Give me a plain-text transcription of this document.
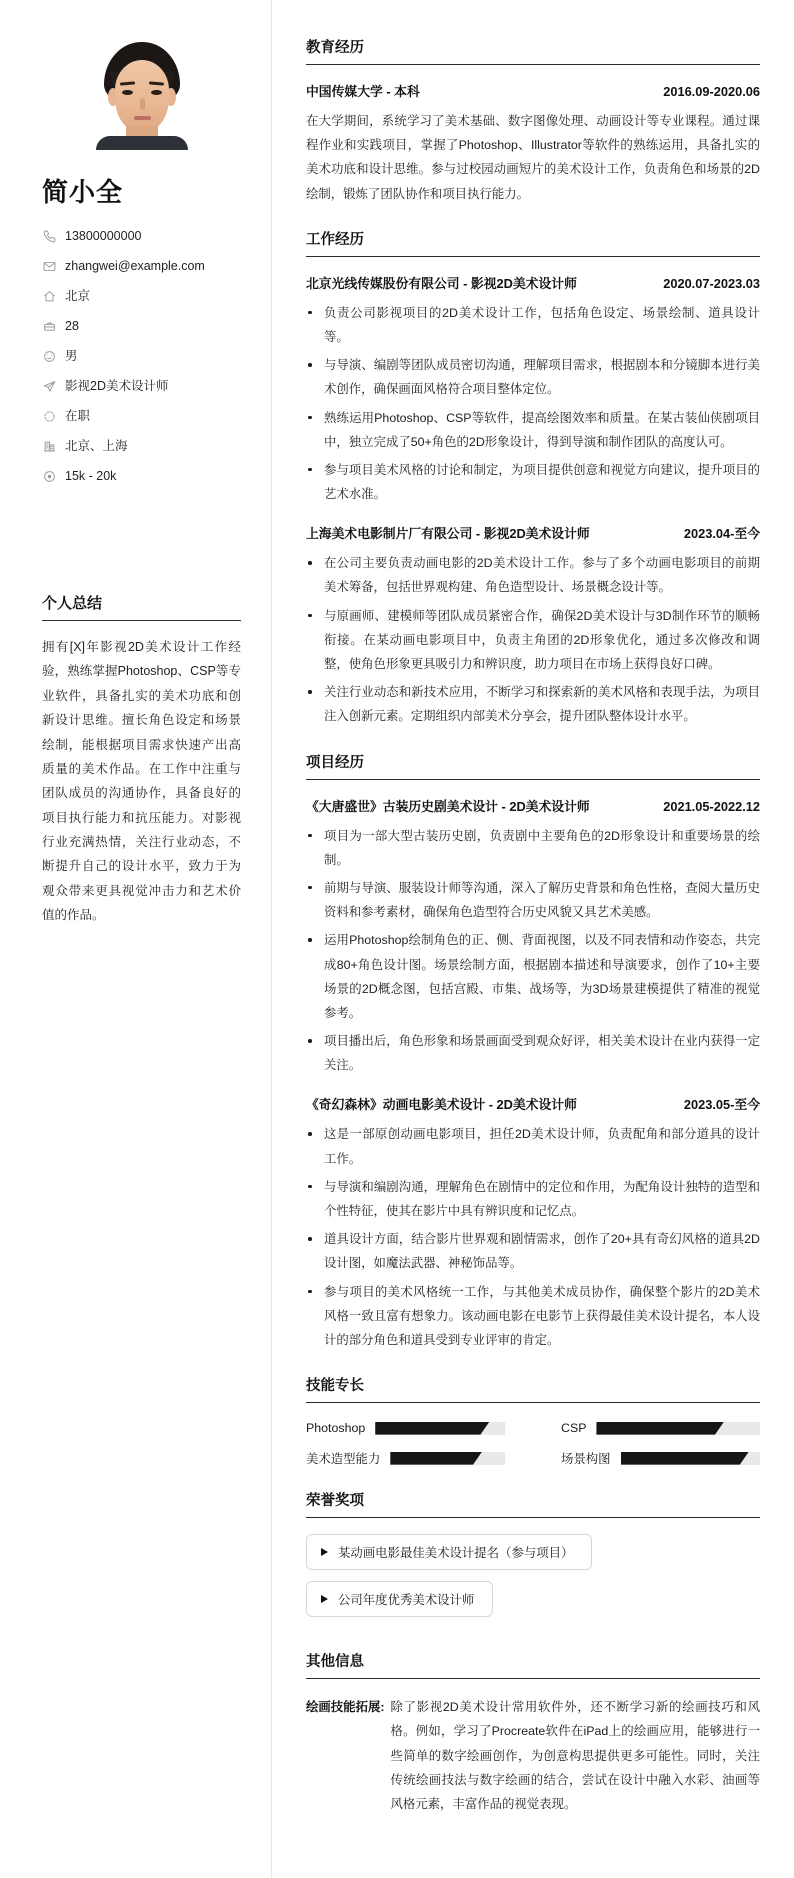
简小全
13800000000
zhangwei@example.com
北京
28
男
影视2D美术设计师
在职
北京、上海
15k - 20k
个人总结

拥有[X]年影视2D美术设计工作经验，熟练掌握Photoshop、CSP等专业软件，具备扎实的美术功底和创新设计思维。擅长角色设定和场景绘制，能根据项目需求快速产出高质量的美术作品。在工作中注重与团队成员的沟通协作，具备良好的项目执行能力和抗压能力。对影视行业充满热情，关注行业动态，不断提升自己的设计水平，致力于为观众带来更具视觉冲击力和艺术价值的作品。

教育经历
中国传媒大学 - 本科	2016.09-2020.06

在大学期间，系统学习了美术基础、数字图像处理、动画设计等专业课程。通过课程作业和实践项目，掌握了Photoshop、Illustrator等软件的熟练运用，具备扎实的美术功底和设计思维。参与过校园动画短片的美术设计工作，负责角色和场景的2D绘制，锻炼了团队协作和项目执行能力。

工作经历
北京光线传媒股份有限公司 - 影视2D美术设计师	2020.07-2023.03
负责公司影视项目的2D美术设计工作，包括角色设定、场景绘制、道具设计等。
与导演、编剧等团队成员密切沟通，理解项目需求，根据剧本和分镜脚本进行美术创作，确保画面风格符合项目整体定位。
熟练运用Photoshop、CSP等软件，提高绘图效率和质量。在某古装仙侠剧项目中，独立完成了50+角色的2D形象设计，得到导演和制作团队的高度认可。
参与项目美术风格的讨论和制定，为项目提供创意和视觉方向建议，提升项目的艺术水准。
上海美术电影制片厂有限公司 - 影视2D美术设计师	2023.04-至今
在公司主要负责动画电影的2D美术设计工作。参与了多个动画电影项目的前期美术筹备，包括世界观构建、角色造型设计、场景概念设计等。
与原画师、建模师等团队成员紧密合作，确保2D美术设计与3D制作环节的顺畅衔接。在某动画电影项目中，负责主角团的2D形象优化，通过多次修改和调整，使角色形象更具吸引力和辨识度，助力项目在市场上获得良好口碑。
关注行业动态和新技术应用，不断学习和探索新的美术风格和表现手法，为项目注入创新元素。定期组织内部美术分享会，提升团队整体设计水平。
项目经历
《大唐盛世》古装历史剧美术设计 - 2D美术设计师	2021.05-2022.12
项目为一部大型古装历史剧，负责剧中主要角色的2D形象设计和重要场景的绘制。
前期与导演、服装设计师等沟通，深入了解历史背景和角色性格，查阅大量历史资料和参考素材，确保角色造型符合历史风貌又具艺术美感。
运用Photoshop绘制角色的正、侧、背面视图，以及不同表情和动作姿态，共完成80+角色设计图。场景绘制方面，根据剧本描述和导演要求，创作了10+主要场景的2D概念图，包括宫殿、市集、战场等，为3D场景建模提供了精准的视觉参考。
项目播出后，角色形象和场景画面受到观众好评，相关美术设计在业内获得一定关注。
《奇幻森林》动画电影美术设计 - 2D美术设计师	2023.05-至今
这是一部原创动画电影项目，担任2D美术设计师，负责配角和部分道具的设计工作。
与导演和编剧沟通，理解角色在剧情中的定位和作用，为配角设计独特的造型和个性特征，使其在影片中具有辨识度和记忆点。
道具设计方面，结合影片世界观和剧情需求，创作了20+具有奇幻风格的道具2D设计图，如魔法武器、神秘饰品等。
参与项目的美术风格统一工作，与其他美术成员协作，确保整个影片的2D美术风格一致且富有想象力。该动画电影在电影节上获得最佳美术设计提名，本人设计的部分角色和道具受到专业评审的肯定。
技能专长
Photoshop	CSP
美术造型能力	场景构图
荣誉奖项
某动画电影最佳美术设计提名（参与项目）
公司年度优秀美术设计师
其他信息
绘画技能拓展: 除了影视2D美术设计常用软件外，还不断学习新的绘画技巧和风格。例如，学习了Procreate软件在iPad上的绘画应用，能够进行一些简单的数字绘画创作，为创意构思提供更多可能性。同时，关注传统绘画技法与数字绘画的结合，尝试在设计中融入水彩、油画等风格元素，丰富作品的视觉表现。
